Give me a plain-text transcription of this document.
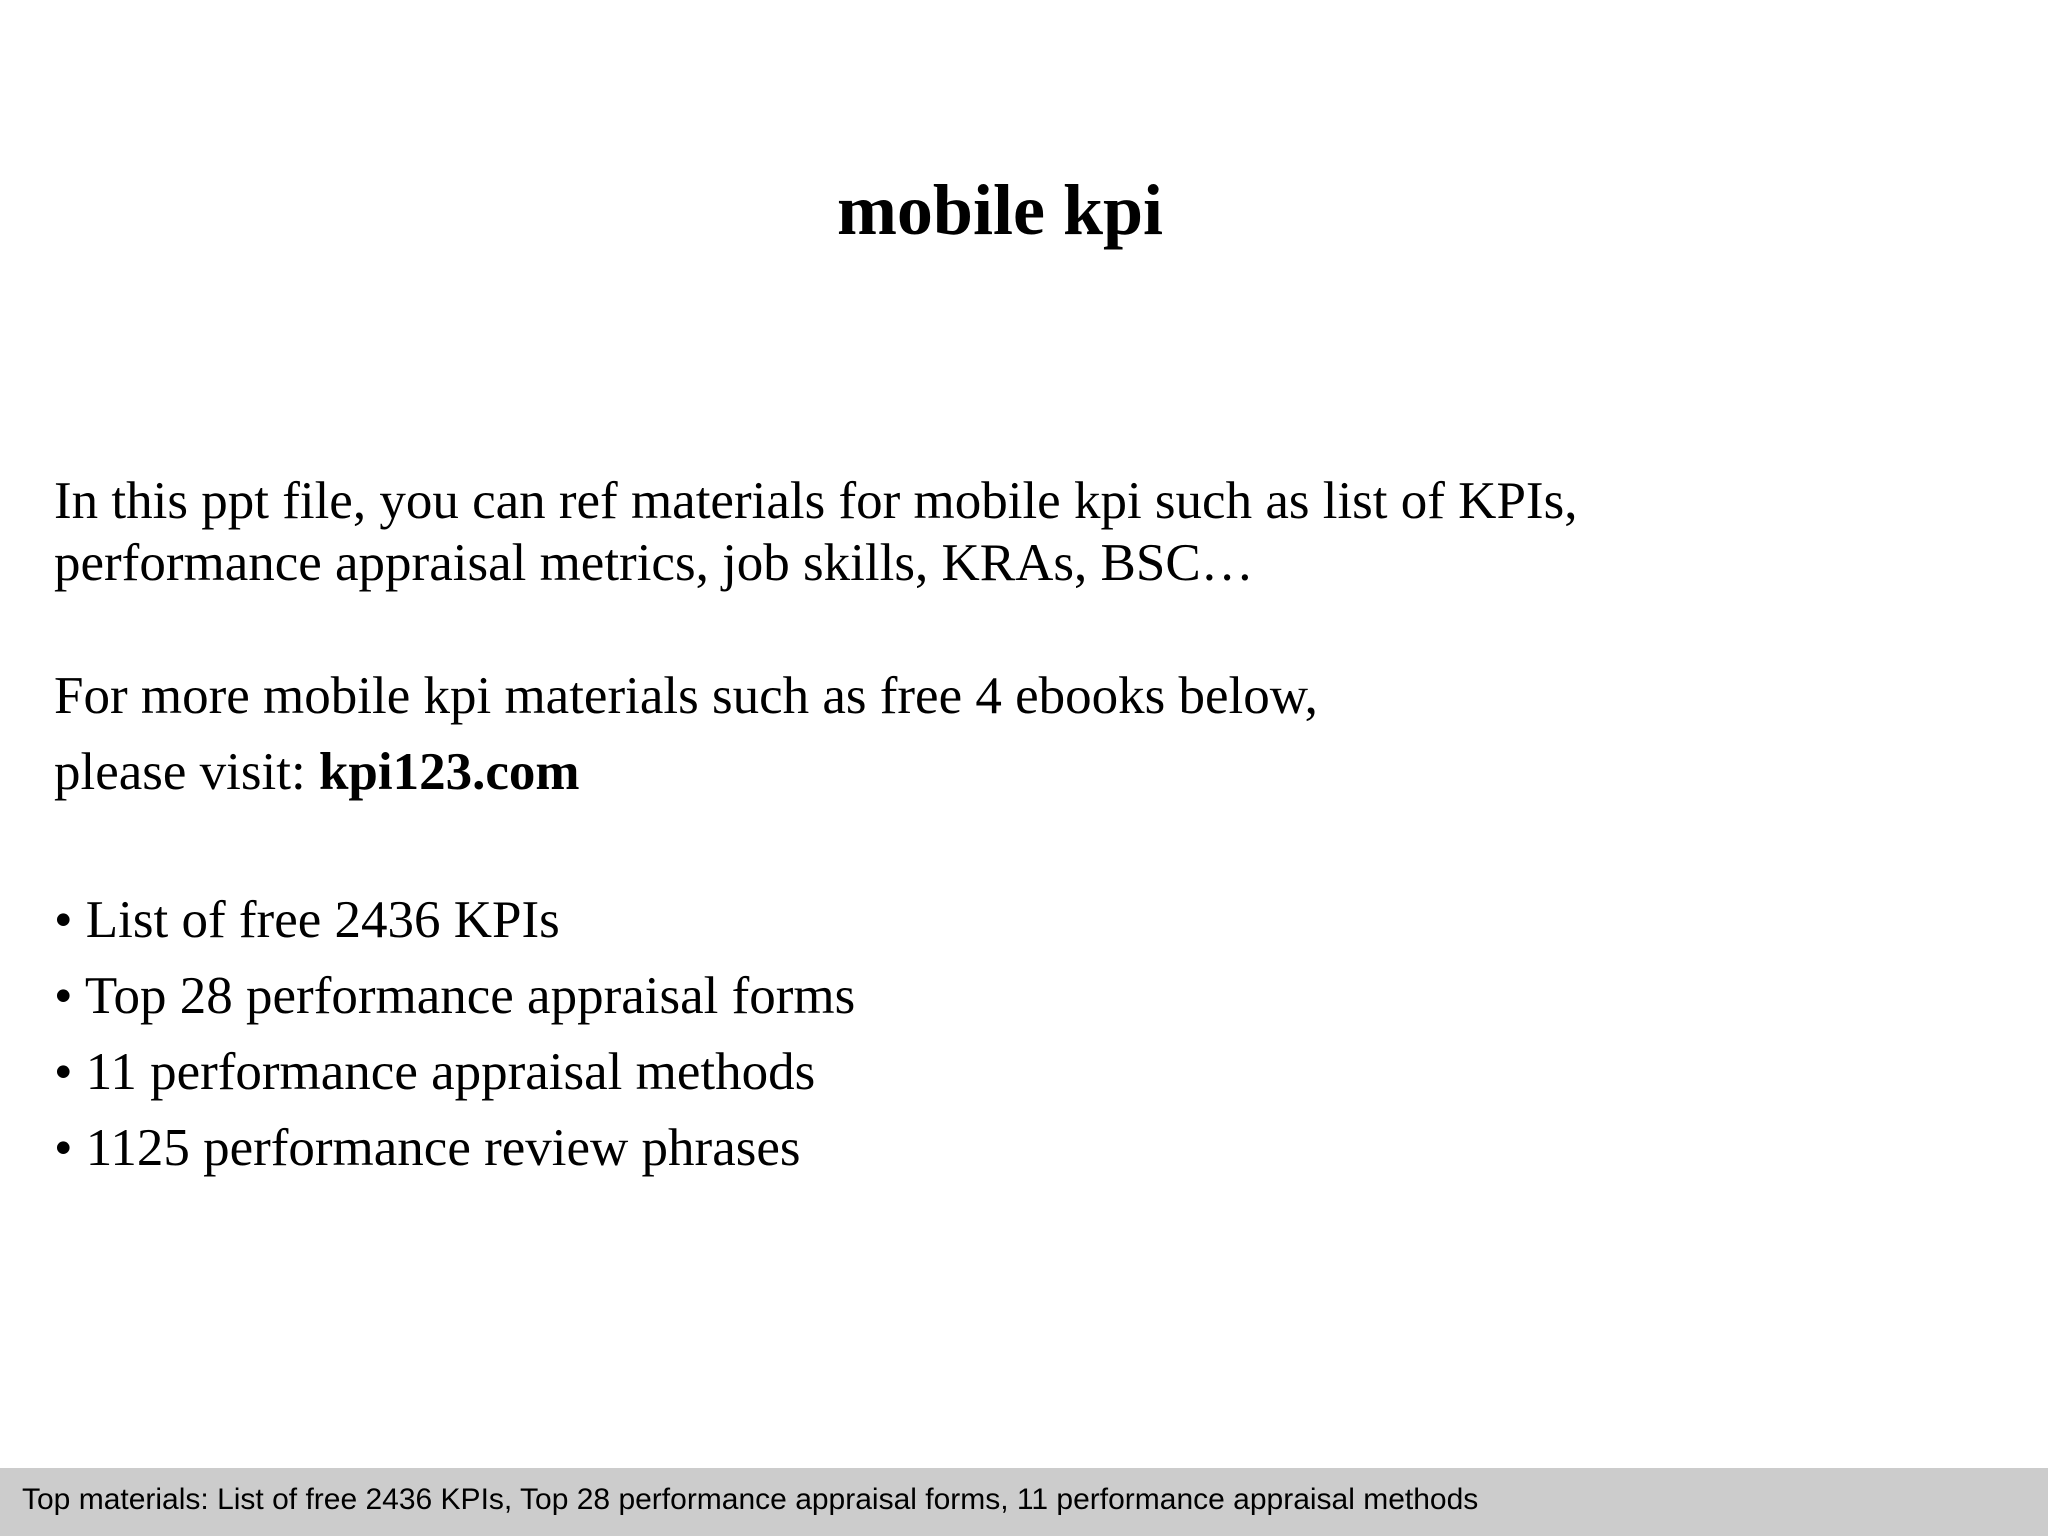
mobile kpi

In this ppt file, you can ref materials for mobile kpi such as list of KPIs,
performance appraisal metrics, job skills, KRAs, BSC…

For more mobile kpi materials such as free 4 ebooks below,
please visit: kpi123.com

• List of free 2436 KPIs
• Top 28 performance appraisal forms
• 11 performance appraisal methods
• 1125 performance review phrases
Top materials: List of free 2436 KPIs, Top 28 performance appraisal forms, 11 performance appraisal methods
